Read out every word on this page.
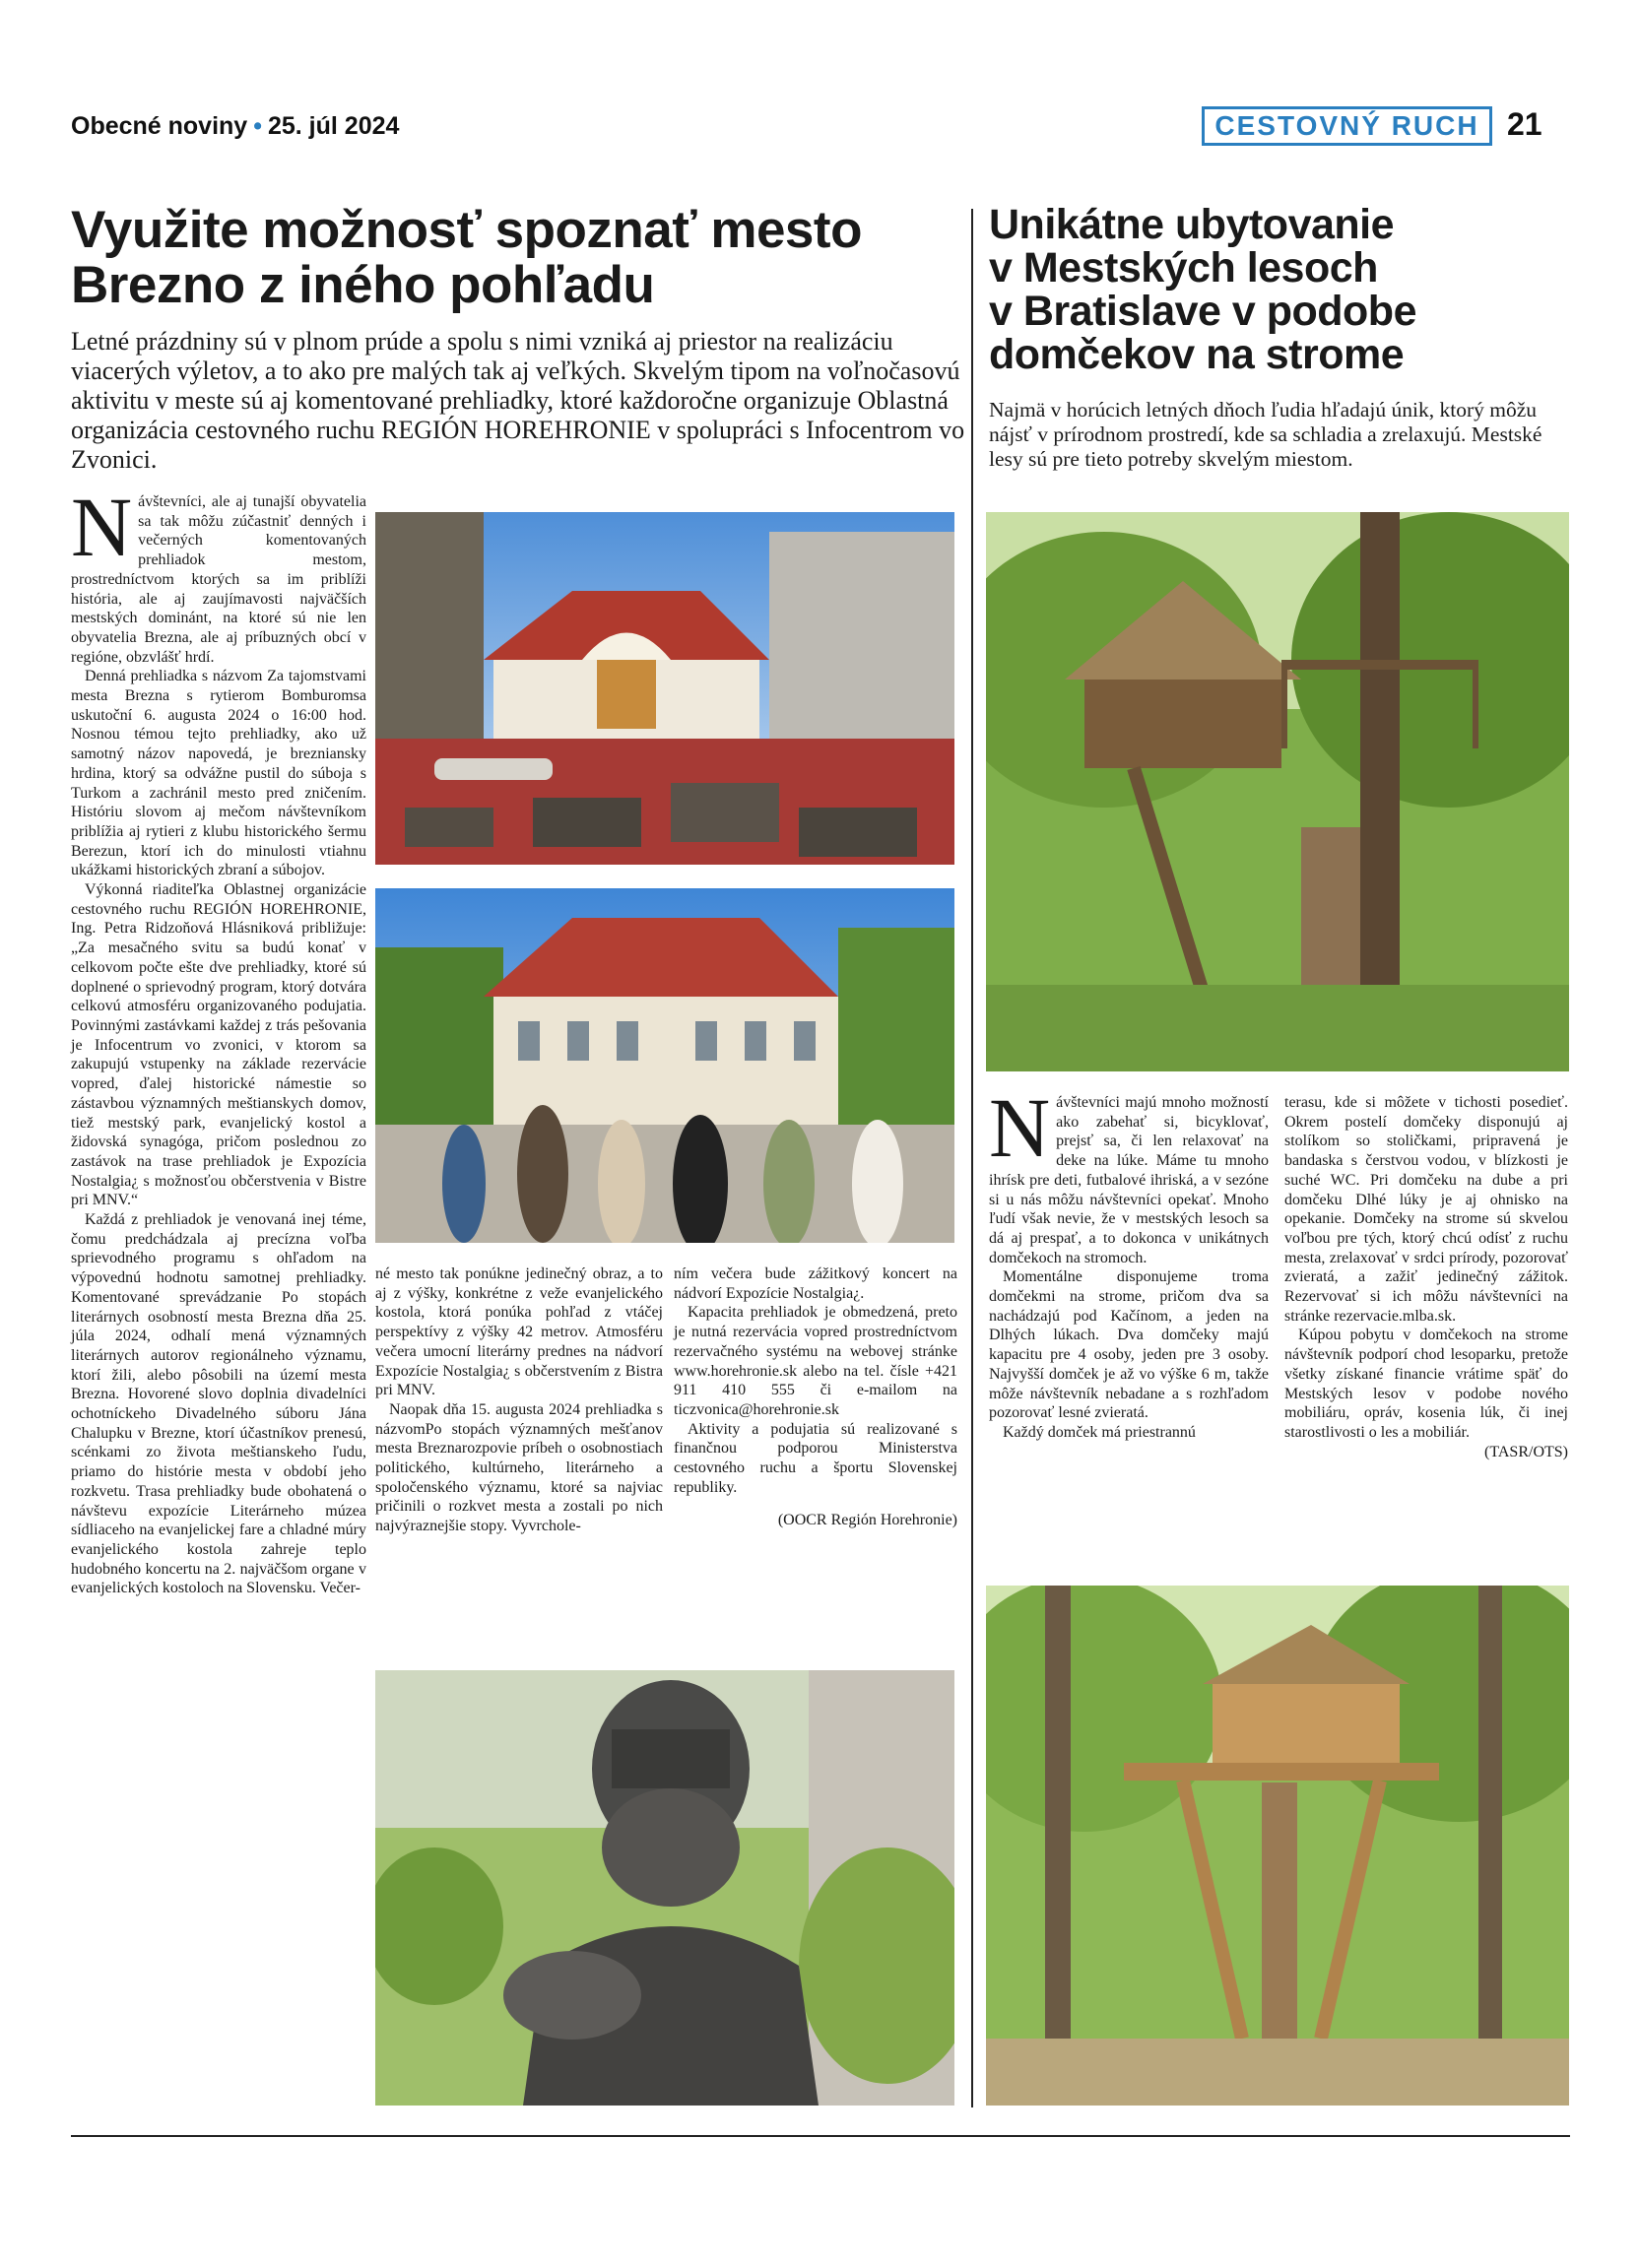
Obecné noviny • 25. júl 2024	CESTOVNÝ RUCH 21
Využite možnosť spoznať mesto
Brezno z iného pohľadu
Letné prázdniny sú v plnom prúde a spolu s nimi vzniká aj priestor na realizáciu viacerých výletov, a to ako pre malých tak aj veľkých. Skvelým tipom na voľnočasovú aktivitu v meste sú aj komentované prehliadky, ktoré každoročne organizuje Oblastná organizácia cestovného ruchu REGIÓN HOREHRONIE v spolupráci s Infocentrom vo Zvonici.

Návštevníci, ale aj tunajší obyvatelia sa tak môžu zúčastniť denných i večerných komentovaných prehliadok mestom, prostredníctvom ktorých sa im priblíži história, ale aj zaujímavosti najväčších mestských dominánt, na ktoré sú nie len obyvatelia Brezna, ale aj príbuzných obcí v regióne, obzvlášť hrdí.

Denná prehliadka s názvom Za tajomstvami mesta Brezna s rytierom Bomburomsa uskutoční 6. augusta 2024 o 16:00 hod. Nosnou témou tejto prehliadky, ako už samotný názov napovedá, je brezniansky hrdina, ktorý sa odvážne pustil do súboja s Turkom a zachránil mesto pred zničením. Históriu slovom aj mečom návštevníkom priblížia aj rytieri z klubu historického šermu Berezun, ktorí ich do minulosti vtiahnu ukážkami historických zbraní a súbojov.

Výkonná riaditeľka Oblastnej organizácie cestovného ruchu REGIÓN HOREHRONIE, Ing. Petra Ridzoňová Hlásniková približuje: „Za mesačného svitu sa budú konať v celkovom počte ešte dve prehliadky, ktoré sú doplnené o sprievodný program, ktorý dotvára celkovú atmosféru organizovaného podujatia. Povinnými zastávkami každej z trás pešovania je Infocentrum vo zvonici, v ktorom sa zakupujú vstupenky na základe rezervácie vopred, ďalej historické námestie so zástavbou významných meštianskych domov, tiež mestský park, evanjelický kostol a židovská synagóga, pričom poslednou zo zastávok na trase prehliadok je Expozícia Nostalgia¿ s možnosťou občerstvenia v Bistre pri MNV.“

Každá z prehliadok je venovaná inej téme, čomu predchádzala aj precízna voľba sprievodného programu s ohľadom na výpovednú hodnotu samotnej prehliadky. Komentované sprevádzanie Po stopách literárnych osobností mesta Brezna dňa 25. júla 2024, odhalí mená významných literárnych autorov regionálneho významu, ktorí žili, alebo pôsobili na území mesta Brezna. Hovorené slovo doplnia divadelníci ochotníckeho Divadelného súboru Jána Chalupku v Brezne, ktorí účastníkov prenesú, scénkami zo života meštianskeho ľudu, priamo do histórie mesta v období jeho rozkvetu. Trasa prehliadky bude obohatená o návštevu expozície Literárneho múzea sídliaceho na evanjelickej fare a chladné múry evanjelického kostola zahreje teplo hudobného koncertu na 2. najväčšom organe v evanjelických kostoloch na Slovensku. Večer-

né mesto tak ponúkne jedinečný obraz, a to aj z výšky, konkrétne z veže evanjelického kostola, ktorá ponúka pohľad z vtáčej perspektívy z výšky 42 metrov. Atmosféru večera umocní literárny prednes na nádvorí Expozície Nostalgia¿ s občerstvením z Bistra pri MNV.

Naopak dňa 15. augusta 2024 prehliadka s názvomPo stopách významných mešťanov mesta Breznarozpovie príbeh o osobnostiach politického, kultúrneho, literárneho a spoločenského významu, ktoré sa najviac pričinili o rozkvet mesta a zostali po nich najvýraznejšie stopy. Vyvrchole-

ním večera bude zážitkový koncert na nádvorí Expozície Nostalgia¿.

Kapacita prehliadok je obmedzená, preto je nutná rezervácia vopred prostredníctvom rezervačného systému na webovej stránke www.horehronie.sk alebo na tel. čísle +421 911 410 555 či e-mailom na ticzvonica@horehronie.sk

Aktivity a podujatia sú realizované s finančnou podporou Ministerstva cestovného ruchu a športu Slovenskej republiky.

(OOCR Región Horehronie)

Unikátne ubytovanie
v Mestských lesoch
v Bratislave v podobe
domčekov na strome
Najmä v horúcich letných dňoch ľudia hľadajú únik, ktorý môžu nájsť v prírodnom prostredí, kde sa schladia a zrelaxujú. Mestské lesy sú pre tieto potreby skvelým miestom.

Návštevníci majú mnoho možností ako zabehať si, bicyklovať, prejsť sa, či len relaxovať na deke na lúke. Máme tu mnoho ihrísk pre deti, futbalové ihriská, a v sezóne si u nás môžu návštevníci opekať. Mnoho ľudí však nevie, že v mestských lesoch sa dá aj prespať, a to dokonca v unikátnych domčekoch na stromoch.

Momentálne disponujeme troma domčekmi na strome, pričom dva sa nachádzajú pod Kačínom, a jeden na Dlhých lúkach. Dva domčeky majú kapacitu pre 4 osoby, jeden pre 3 osoby. Najvyšší domček je až vo výške 6 m, takže môže návštevník nebadane a s rozhľadom pozorovať lesné zvieratá.

Každý domček má priestrannú

terasu, kde si môžete v tichosti posedieť. Okrem postelí domčeky disponujú aj stolíkom so stoličkami, pripravená je bandaska s čerstvou vodou, v blízkosti je suché WC. Pri domčeku na dube a pri domčeku Dlhé lúky je aj ohnisko na opekanie. Domčeky na strome sú skvelou voľbou pre tých, ktorý chcú odísť z ruchu mesta, zrelaxovať v srdci prírody, pozorovať zvieratá, a zažiť jedinečný zážitok. Rezervovať si ich môžu návštevníci na stránke rezervacie.mlba.sk.

Kúpou pobytu v domčekoch na strome návštevník podporí chod lesoparku, pretože všetky získané financie vrátime späť do Mestských lesov v podobe nového mobiliáru, opráv, kosenia lúk, či inej starostlivosti o les a mobiliár.

(TASR/OTS)
